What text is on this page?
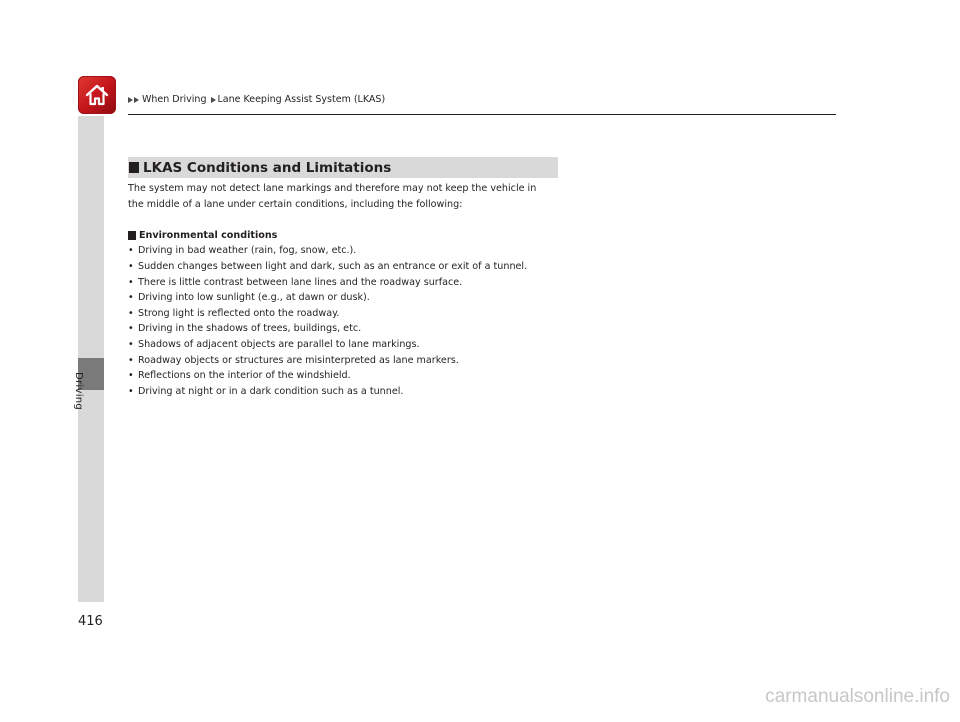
When Driving Lane Keeping Assist System (LKAS)
Driving
LKAS Conditions and Limitations

The system may not detect lane markings and therefore may not keep the vehicle in
the middle of a lane under certain conditions, including the following:

Environmental conditions

• Driving in bad weather (rain, fog, snow, etc.).
• Sudden changes between light and dark, such as an entrance or exit of a tunnel.
• There is little contrast between lane lines and the roadway surface.
• Driving into low sunlight (e.g., at dawn or dusk).
• Strong light is reflected onto the roadway.
• Driving in the shadows of trees, buildings, etc.
• Shadows of adjacent objects are parallel to lane markings.
• Roadway objects or structures are misinterpreted as lane markers.
• Reflections on the interior of the windshield.
• Driving at night or in a dark condition such as a tunnel.
416
carmanualsonline.info
